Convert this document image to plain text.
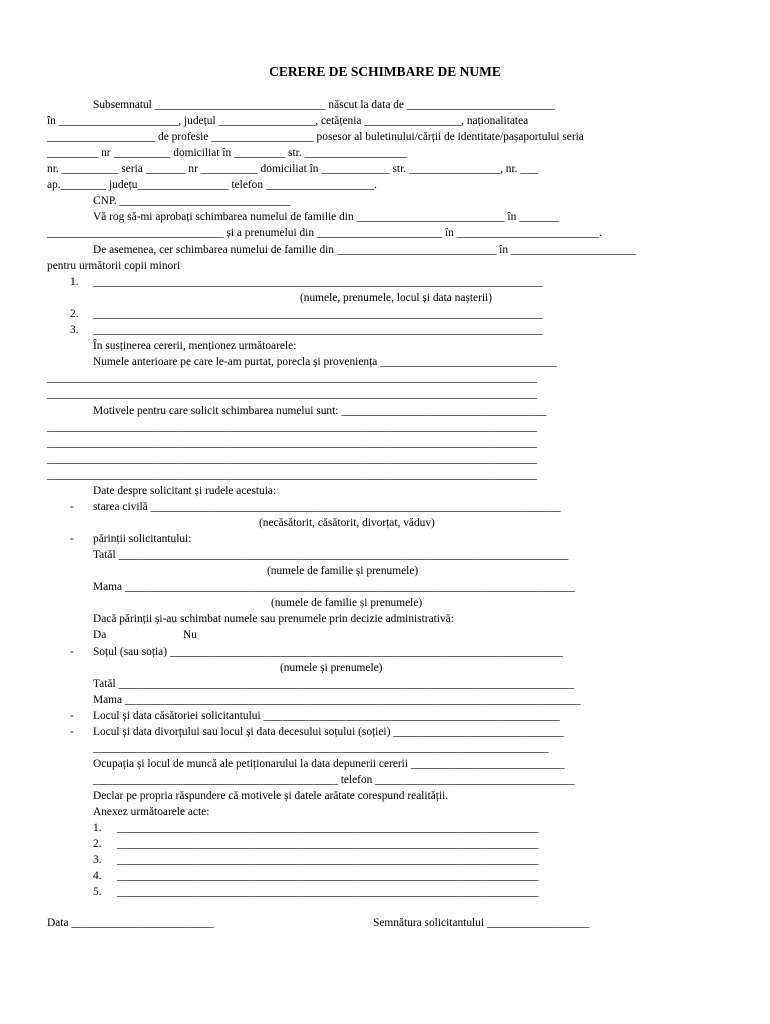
CERERE DE SCHIMBARE DE NUME
Subsemnatul ______________________________ născut la data de __________________________
în _____________________, județul _________________, cetățenia _________________, naționalitatea
___________________ de profesie __________________ posesor al buletinului/cărții de identitate/pașaportului seria
_________ nr __________ domiciliat în _________ str. __________________
nr. __________ seria _______ nr __________ domiciliat în ____________ str. ________________, nr. ___
ap.________ județu________________ telefon ___________________.
CNP. ______________________________
Vă rog să-mi aprobați schimbarea numelui de familie din __________________________ în _______
_______________________________ și a prenumelui din ______________________ în _________________________.
De asemenea, cer schimbarea numelui de familie din ____________________________ în ______________________
pentru următorii copii minori
1. _______________________________________________________________________________
(numele, prenumele, locul și data nașterii)
2. _______________________________________________________________________________
3. _______________________________________________________________________________
În susținerea cererii, menționez următoarele:
Numele anterioare pe care le-am purtat, porecla și proveniența _______________________________
______________________________________________________________________________________
______________________________________________________________________________________
Motivele pentru care solicit schimbarea numelui sunt: ____________________________________
______________________________________________________________________________________
______________________________________________________________________________________
______________________________________________________________________________________
______________________________________________________________________________________
Date despre solicitant și rudele acestuia:
- starea civilă ________________________________________________________________________
(necăsătorit, căsătorit, divorțat, văduv)
- părinții solicitantului:
Tatăl _______________________________________________________________________________
(numele de familie și prenumele)
Mama _______________________________________________________________________________
(numele de familie și prenumele)
Dacă părinții și-au schimbat numele sau prenumele prin decizie administrativă:
Da	Nu
- Soțul (sau soția) _____________________________________________________________________
(numele și prenumele)
Tatăl ________________________________________________________________________________
Mama ________________________________________________________________________________
- Locul și data căsătoriei solicitantului ____________________________________________________
- Locul și data divorțului sau locul și data decesului soțului (soției) ______________________________
________________________________________________________________________________
Ocupația și locul de muncă ale petiționarului la data depunerii cererii ___________________________
___________________________________________ telefon ___________________________________
Declar pe propria răspundere că motivele și datele arătate corespund realității.
Anexez următoarele acte:
1. __________________________________________________________________________
2. __________________________________________________________________________
3. __________________________________________________________________________
4. __________________________________________________________________________
5. __________________________________________________________________________
Data _________________________	Semnătura solicitantului __________________
